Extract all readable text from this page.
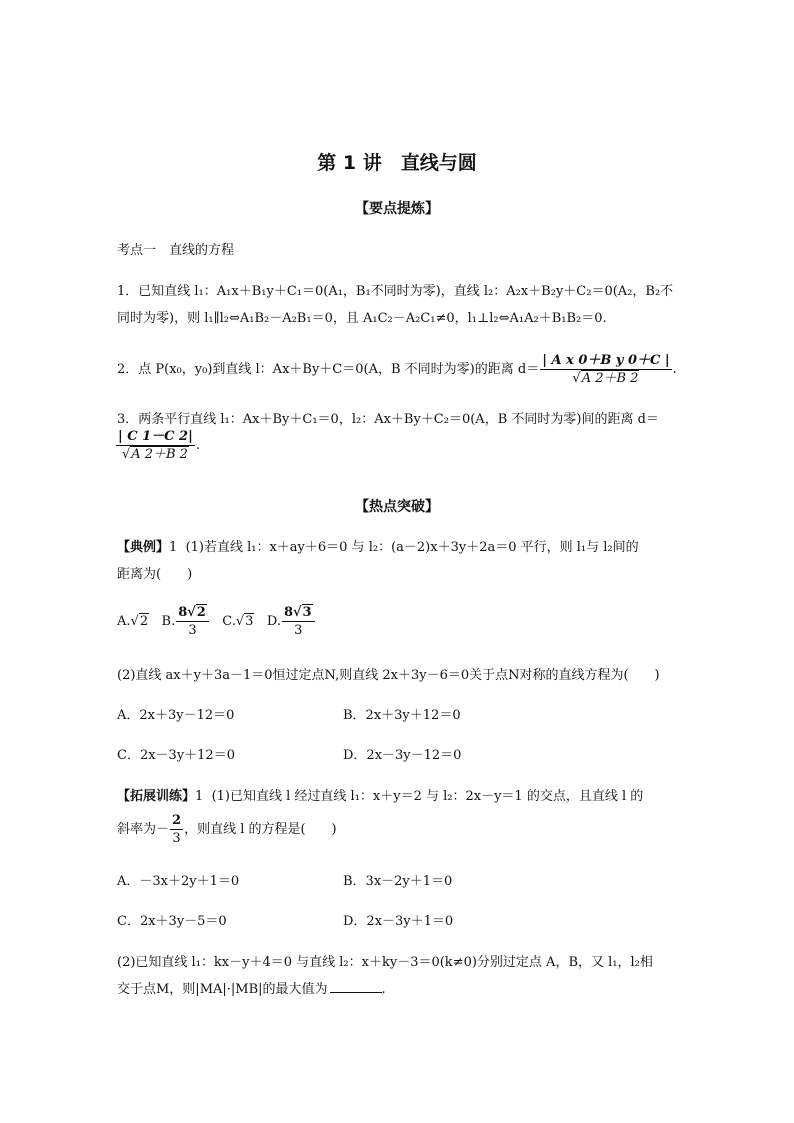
第 1 讲　直线与圆
【要点提炼】
考点一　直线的方程
1．已知直线 l₁：A₁x＋B₁y＋C₁＝0(A₁，B₁不同时为零)，直线 l₂：A₂x＋B₂y＋C₂＝0(A₂，B₂不
同时为零)，则 l₁∥l₂⇔A₁B₂－A₂B₁＝0，且 A₁C₂－A₂C₁≠0，l₁⊥l₂⇔A₁A₂＋B₁B₂＝0.
2．点 P(x₀，y₀)到直线 l：Ax＋By＋C＝0(A，B 不同时为零)的距离 $d= \frac{\text{| A x 0＋B y 0＋C |}}{√A 2+B 2}$ .
3．两条平行直线 l₁：Ax＋By＋C₁＝0，l₂：Ax＋By＋C₂＝0(A，B 不同时为零)间的距离 d＝
$\frac{| C 1-C 2|}{√A 2+B 2}$ .
【热点突破】
【典例】1 (1)若直线 l₁：x＋ay＋6＝0 与 l₂：(a－2)x＋3y＋2a＝0 平行，则 l₁与 l₂间的
距离为(　　)
A.√2 B. $\frac{8√2}{3} C.√3$ D. $\frac{8√3}{3}$
(2)直线 ax＋y＋3a－1＝0恒过定点N,则直线 2x＋3y－6＝0关于点N对称的直线方程为(　　)
A．2x＋3y－12＝0	B．2x＋3y＋12＝0
C．2x－3y＋12＝0	D．2x－3y－12＝0
【拓展训练】1 (1)已知直线 l 经过直线 l₁：x＋y＝2 与 l₂：2x－y＝1 的交点，且直线 l 的
斜率为－ $\frac{2}{3}$ ，则直线 l 的方程是(　　)
A．－3x＋2y＋1＝0	B．3x－2y＋1＝0
C．2x＋3y－5＝0	D．2x－3y＋1＝0
(2)已知直线 l₁：kx－y＋4＝0 与直线 l₂：x＋ky－3＝0(k≠0)分别过定点 A，B，又 l₁，l₂相
交于点M，则|MA|·|MB|的最大值为	.
